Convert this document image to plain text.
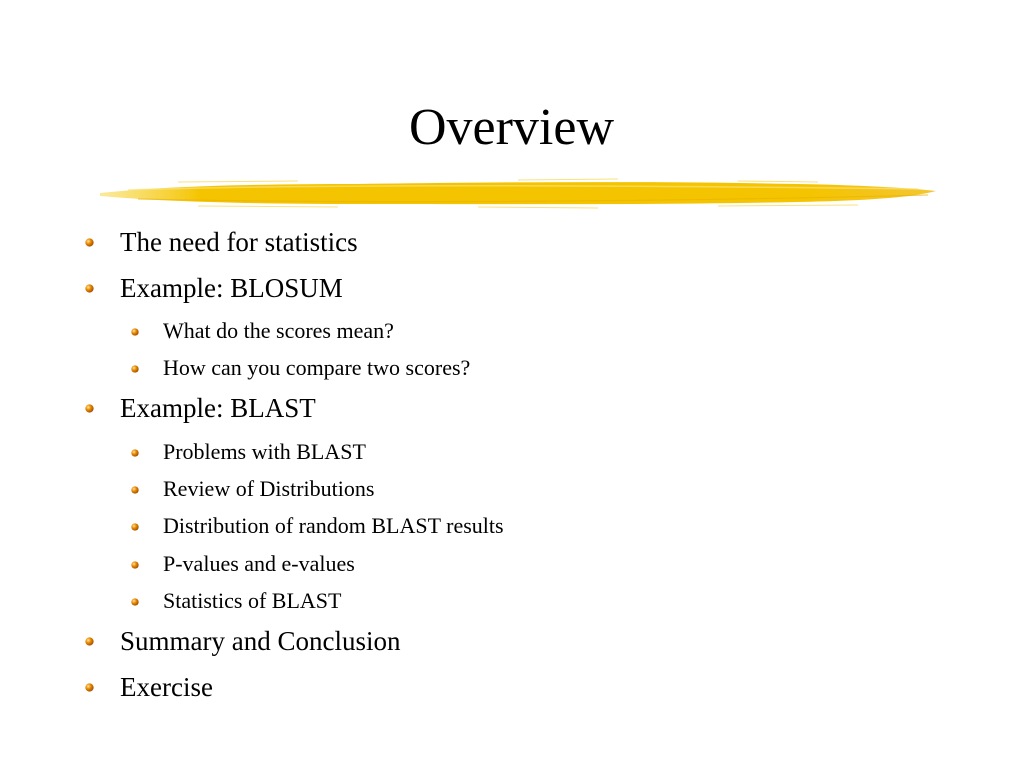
Overview
The need for statistics
Example: BLOSUM
What do the scores mean?
How can you compare two scores?
Example: BLAST
Problems with BLAST
Review of Distributions
Distribution of random BLAST results
P-values and e-values
Statistics of BLAST
Summary and Conclusion
Exercise
